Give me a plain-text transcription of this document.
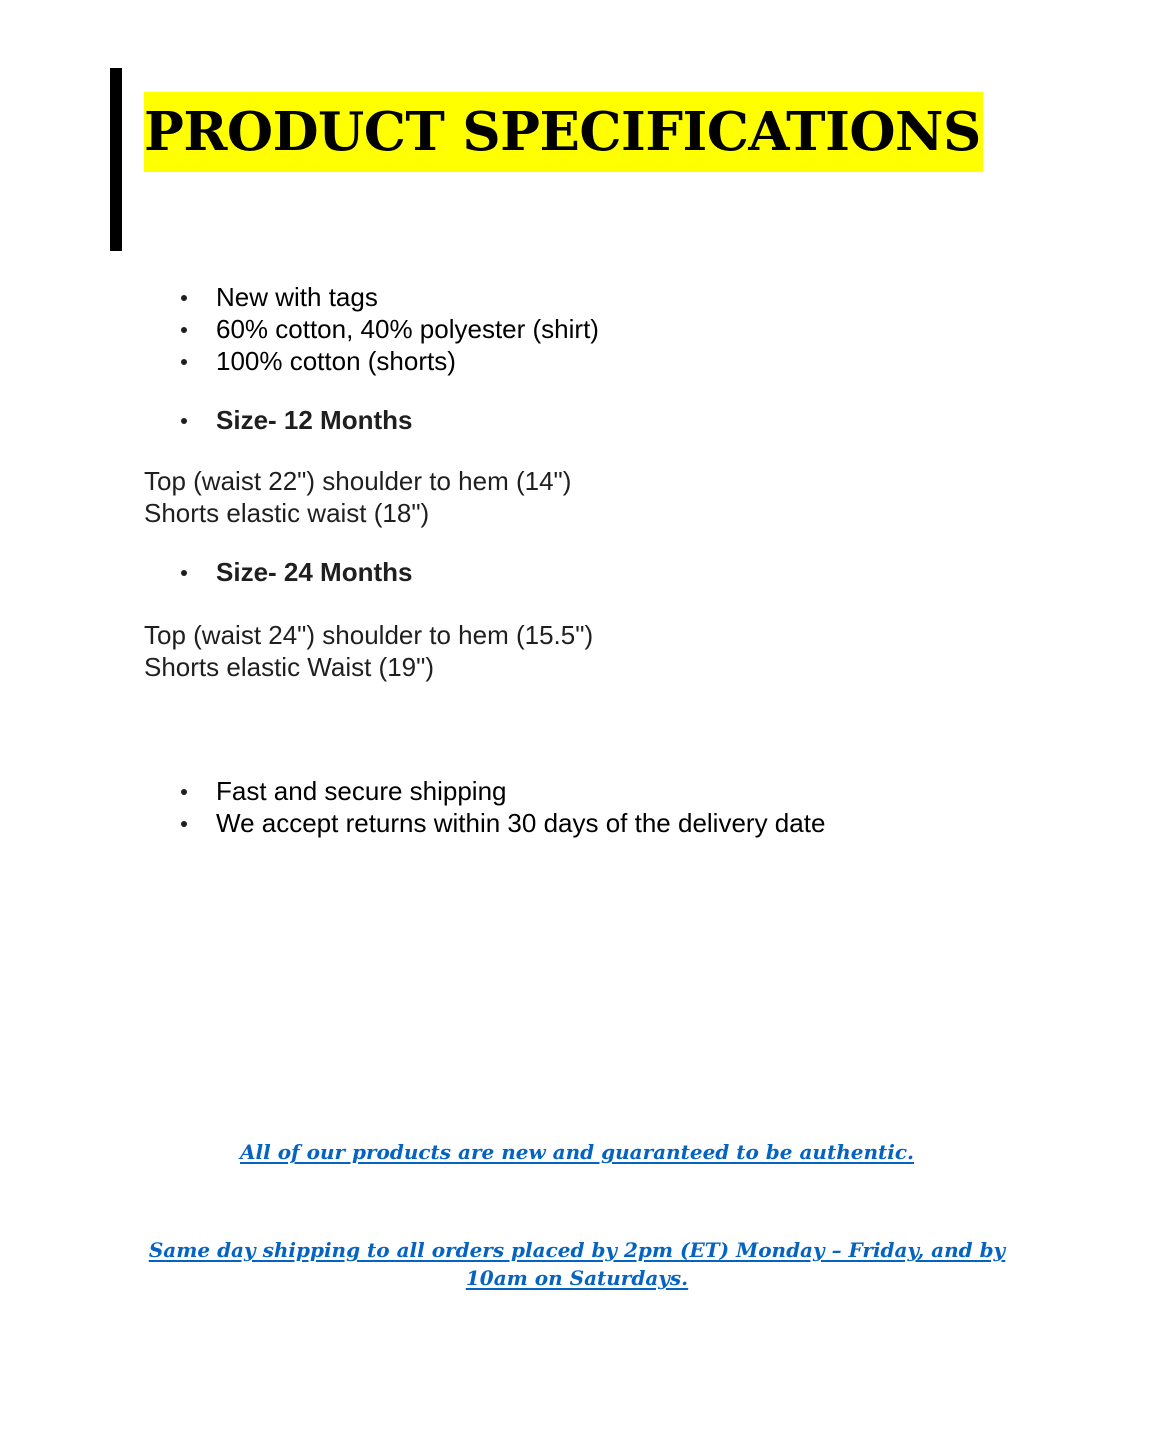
PRODUCT SPECIFICATIONS
New with tags
60% cotton, 40% polyester (shirt)
100% cotton (shorts)
Size- 12 Months
Top (waist 22") shoulder to hem (14")
Shorts elastic waist (18")
Size- 24 Months
Top (waist 24") shoulder to hem (15.5")
Shorts elastic Waist (19")
Fast and secure shipping
We accept returns within 30 days of the delivery date

All of our products are new and guaranteed to be authentic.

Same day shipping to all orders placed by 2pm (ET) Monday – Friday, and by
10am on Saturdays.
